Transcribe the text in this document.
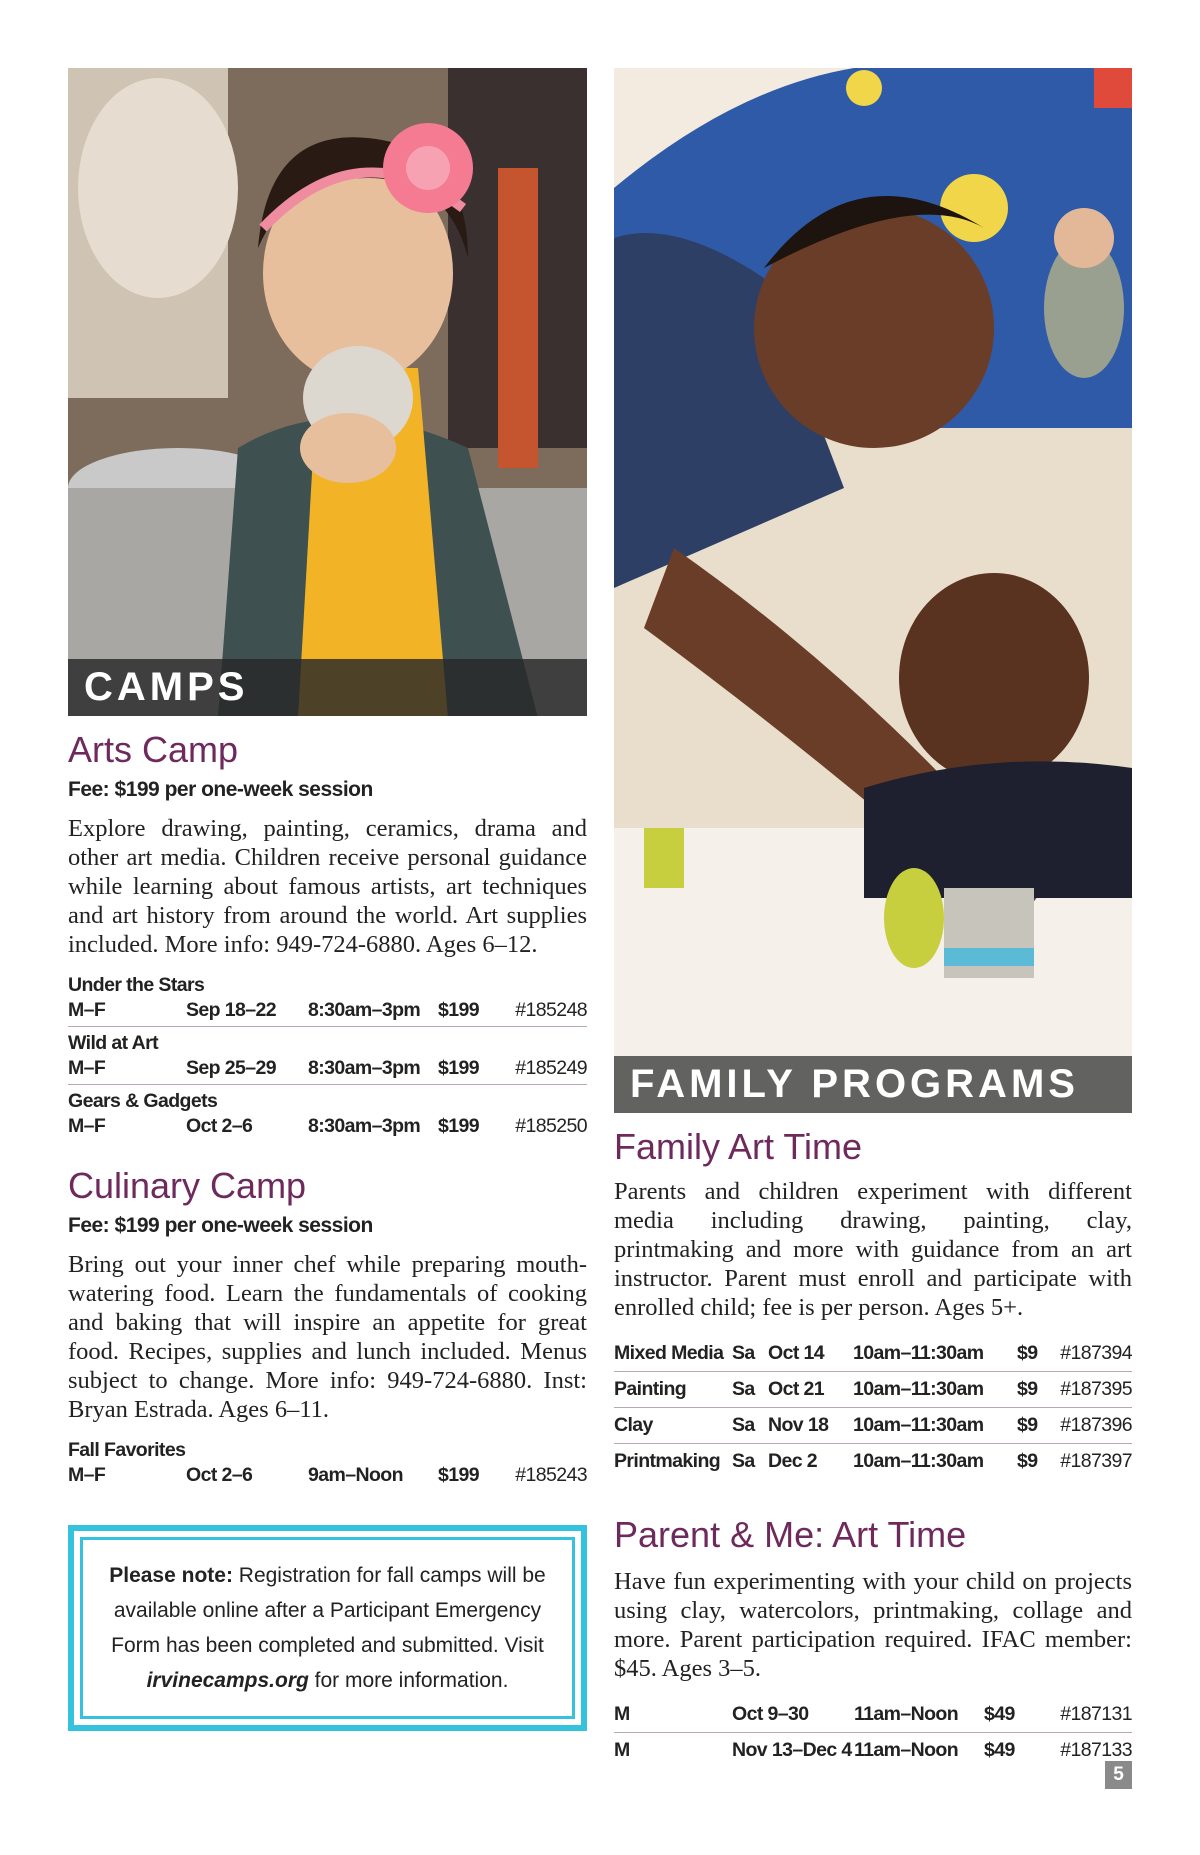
CAMPS
Arts Camp
Fee: $199 per one-week session

Explore drawing, painting, ceramics, drama and other art media. Children receive personal guidance while learning about famous artists, art techniques and art history from around the world. Art supplies included. More info: 949-724-6880. Ages 6–12.

Under the Stars
M–F	Sep 18–22	8:30am–3pm	$199	#185248
Wild at Art
M–F	Sep 25–29	8:30am–3pm	$199	#185249
Gears & Gadgets
M–F	Oct 2–6	8:30am–3pm	$199	#185250
Culinary Camp
Fee: $199 per one-week session

Bring out your inner chef while preparing mouth-watering food. Learn the fundamentals of cooking and baking that will inspire an appetite for great food. Recipes, supplies and lunch included. Menus subject to change. More info: 949-724-6880. Inst: Bryan Estrada. Ages 6–11.

Fall Favorites
M–F	Oct 2–6	9am–Noon	$199	#185243
Please note: Registration for fall camps will be available online after a Participant Emergency Form has been completed and submitted. Visit irvinecamps.org for more information.
FAMILY PROGRAMS
Family Art Time

Parents and children experiment with different media including drawing, painting, clay, printmaking and more with guidance from an art instructor. Parent must enroll and participate with enrolled child; fee is per person. Ages 5+.

Mixed Media	Sa	Oct 14	10am–11:30am	$9	#187394
Painting	Sa	Oct 21	10am–11:30am	$9	#187395
Clay	Sa	Nov 18	10am–11:30am	$9	#187396
Printmaking	Sa	Dec 2	10am–11:30am	$9	#187397
Parent & Me: Art Time

Have fun experimenting with your child on projects using clay, watercolors, printmaking, collage and more. Parent participation required. IFAC member: $45. Ages 3–5.

M	Oct 9–30	11am–Noon	$49	#187131
M	Nov 13–Dec 4	11am–Noon	$49	#187133
5
